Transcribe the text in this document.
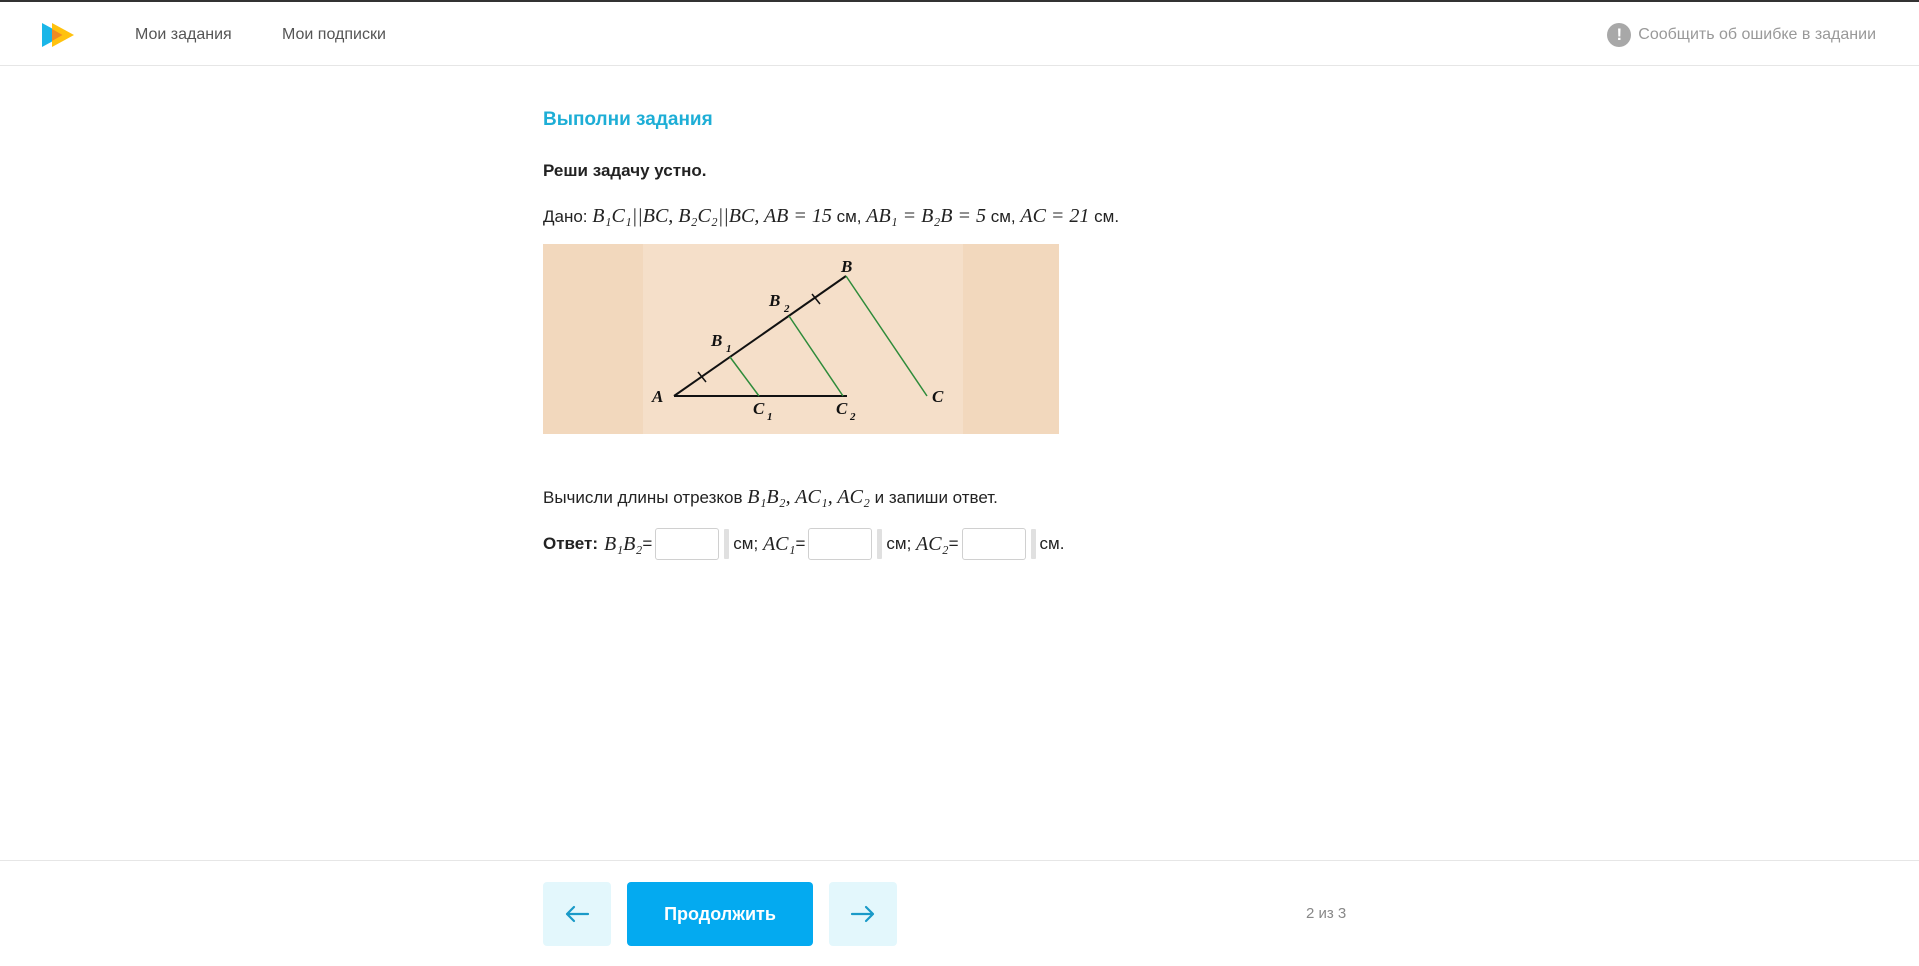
Мои задания	Мои подписки	!	Сообщить об ошибке в задании
Выполни задания
Реши задачу устно.
Дано: B₁C₁||BC, B₂C₂||BC, AB = 15 см, AB₁ = B₂B = 5 см, AC = 21 см.
A
B
C
B 1
B 2
C 1	C 2
Вычисли длины отрезков B₁B₂, AC₁, AC₂ и запиши ответ.
Ответ: B₁B₂ =	см;
AC₁ =	см;
AC₂ =	см.
Продолжить	2 из 3
